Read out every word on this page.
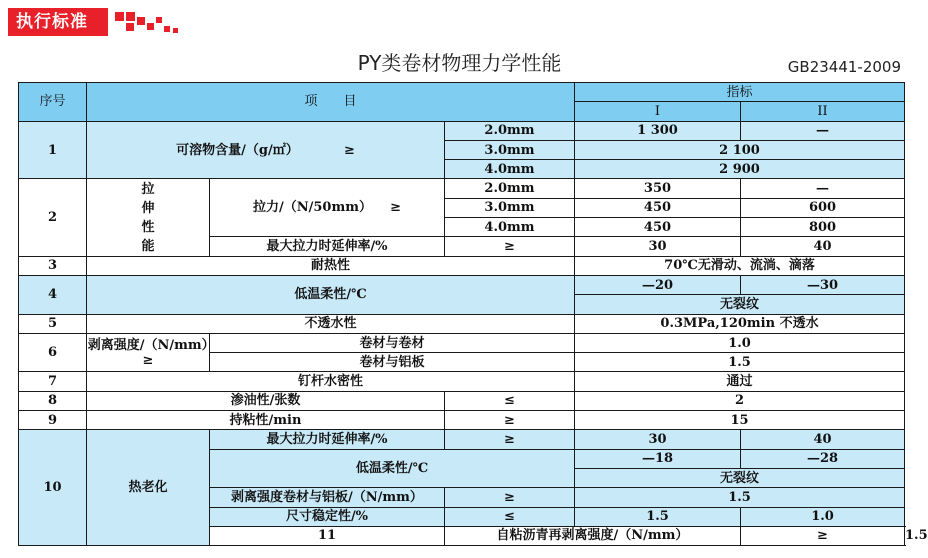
执行标准
PY类卷材物理力学性能	GB23441-2009
序号	项　　目			指标		
				I	II	
1	可溶物含量/（g/㎡） ≥		2.0mm	1 300	—	
			3.0mm	2 100		
			4.0mm	2 900		
2	拉伸性能	拉力/（N/50mm） ≥	2.0mm	350	—	
			3.0mm	450	600	
			4.0mm	450	800	
		最大拉力时延伸率/%	≥	30	40	
3	耐热性			70℃无滑动、流淌、滴落		
4	低温柔性/℃			—20	—30	
				无裂纹		
5	不透水性			0.3MPa,120min 不透水		
6	剥离强度/（N/mm）≥	卷材与卷材		1.0		
		卷材与铝板		1.5		
7	钉杆水密性			通过		
8	渗油性/张数		≤	2		
9	持粘性/min		≥	15		
10	热老化	最大拉力时延伸率/%	≥	30	40	
		低温柔性/℃		—18	—28	
				无裂纹		
		剥离强度卷材与铝板/（N/mm）	≥	1.5		
		尺寸稳定性/%	≤	1.5	1.0	
		11	自粘沥青再剥离强度/（N/mm）		≥	1.5
